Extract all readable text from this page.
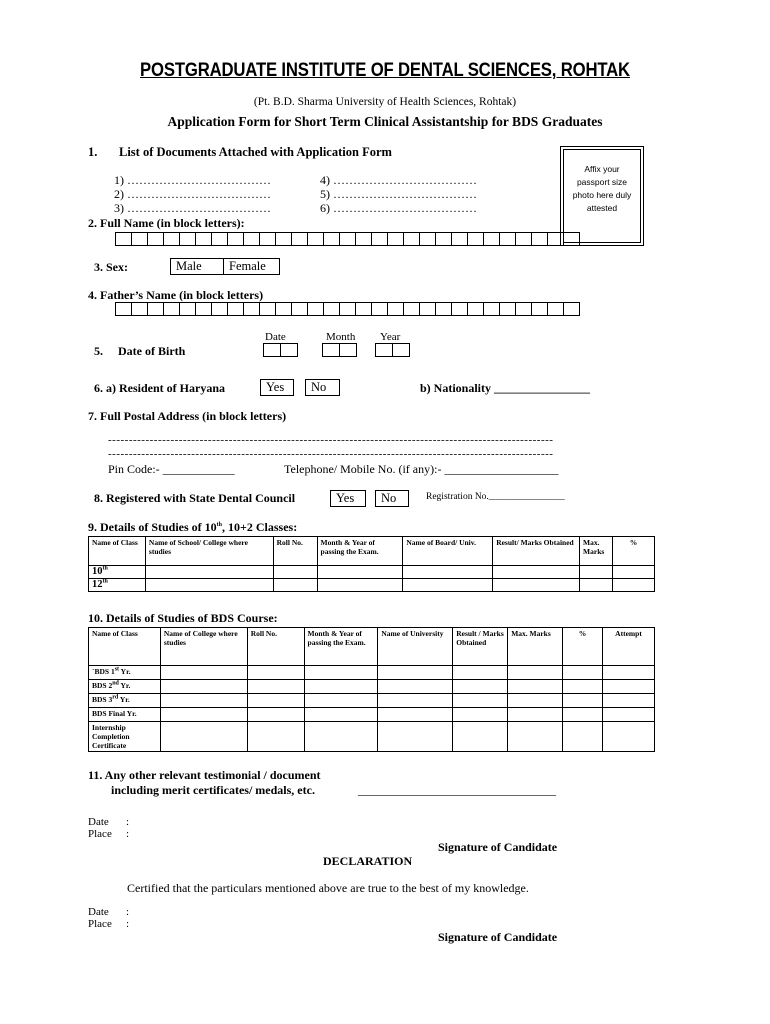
POSTGRADUATE INSTITUTE OF DENTAL SCIENCES, ROHTAK
(Pt. B.D. Sharma University of Health Sciences, Rohtak)
Application Form for Short Term Clinical Assistantship for BDS Graduates
Affix your
passport size
photo here duly
attested
1. List of Documents Attached with Application Form
1) ………………………………
2) ………………………………
3) ………………………………
4) ………………………………
5) ………………………………
6) ………………………………
2. Full Name (in block letters):
3. Sex:	Male	Female
4. Father’s Name (in block letters)
Date	Month Year
5. Date of Birth
6. a) Resident of Haryana	Yes	No	b) Nationality ________________
7. Full Postal Address (in block letters)
-----------------------------------------------------------------------------------------------------------
-----------------------------------------------------------------------------------------------------------
Pin Code:- ____________	Telephone/ Mobile No. (if any):- ___________________
8. Registered with State Dental Council	Yes	No	Registration No.________________
9. Details of Studies of 10th, 10+2 Classes:
Name of Class	Name of School/ College where studies	Roll No.	Month & Year of passing the Exam.	Name of Board/ Univ.	Result/ Marks Obtained	Max. Marks	%
10th							
12th							
10. Details of Studies of BDS Course:
Name of Class	Name of College where studies	Roll No.	Month & Year of passing the Exam.	Name of University	Result / Marks Obtained	Max. Marks	%	Attempt
`BDS 1st Yr.								
BDS 2nd Yr.								
BDS 3rd Yr.								
BDS Final Yr.								
Internship Completion Certificate								
11. Any other relevant testimonial / document
including merit certificates/ medals, etc.	_________________________________
Date
Place
:
:
Signature of Candidate
DECLARATION
Certified that the particulars mentioned above are true to the best of my knowledge.
Date
Place
:
:
Signature of Candidate
